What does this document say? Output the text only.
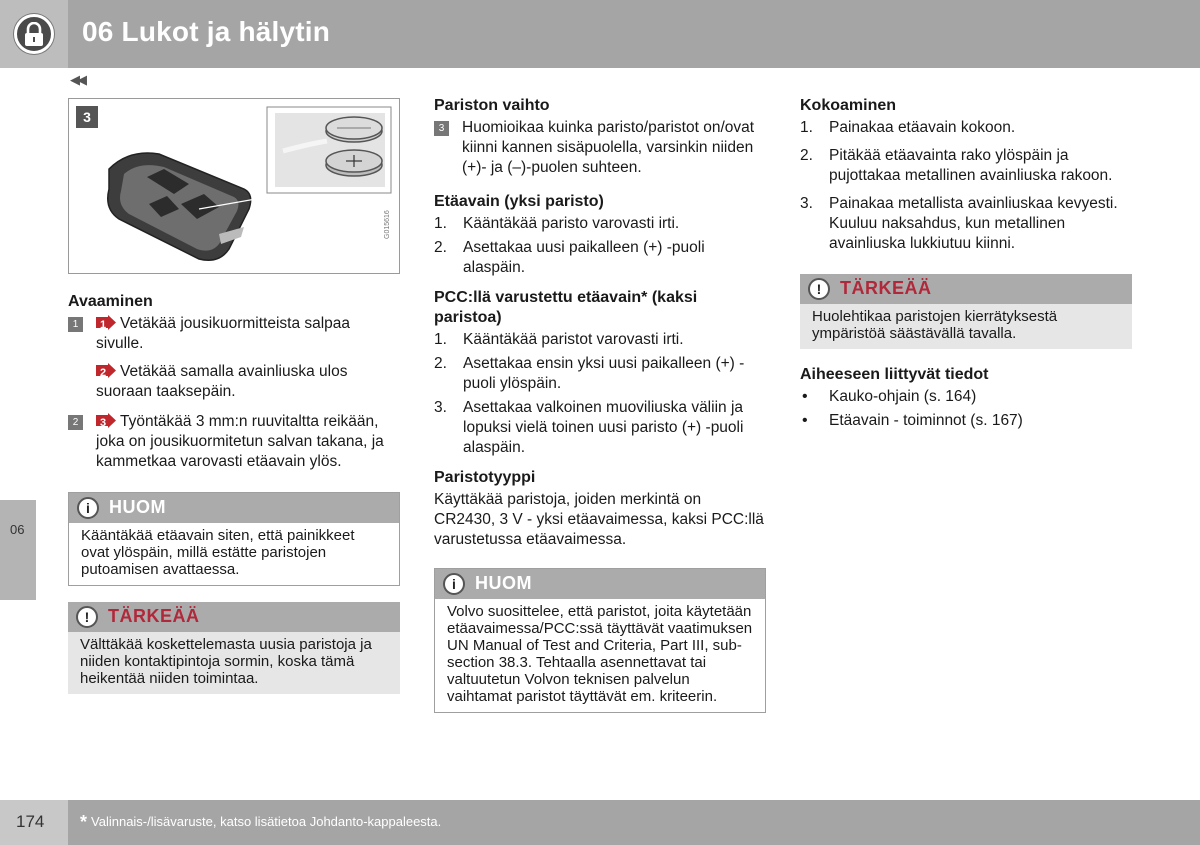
06 Lukot ja hälytin
◀◀
06
3
G015616
Avaaminen
1	1 Vetäkää jousikuormitteista salpaa sivulle.

2 Vetäkää samalla avainliuska ulos suoraan taaksepäin.

2	3 Työntäkää 3 mm:n ruuvitaltta reikään, joka on jousikuormitetun salvan takana, ja kammetkaa varovasti etäavain ylös.

i	HUOM
Kääntäkää etäavain siten, että painikkeet ovat ylöspäin, millä estätte paristojen putoamisen avattaessa.
!	TÄRKEÄÄ
Välttäkää koskettelemasta uusia paristoja ja niiden kontaktipintoja sormin, koska tämä heikentää niiden toimintaa.
Pariston vaihto
3	Huomioikaa kuinka paristo/paristot on/ovat kiinni kannen sisäpuolella, varsinkin niiden (+)- ja (–)-puolen suhteen.

Etäavain (yksi paristo)
1. Kääntäkää paristo varovasti irti.
2. Asettakaa uusi paikalleen (+) -puoli alaspäin.
PCC:llä varustettu etäavain* (kaksi paristoa)
1. Kääntäkää paristot varovasti irti.
2. Asettakaa ensin yksi uusi paikalleen (+) -puoli ylöspäin.
3. Asettakaa valkoinen muoviliuska väliin ja lopuksi vielä toinen uusi paristo (+) -puoli alaspäin.
Paristotyyppi

Käyttäkää paristoja, joiden merkintä on CR2430, 3 V - yksi etäavaimessa, kaksi PCC:llä varustetussa etäavaimessa.

i	HUOM
Volvo suosittelee, että paristot, joita käytetään etäavaimessa/PCC:ssä täyttävät vaatimuksen UN Manual of Test and Criteria, Part III, sub-section 38.3. Tehtaalla asennettavat tai valtuutetun Volvon teknisen palvelun vaihtamat paristot täyttävät em. kriteerin.
Kokoaminen
1. Painakaa etäavain kokoon.
2. Pitäkää etäavainta rako ylöspäin ja pujottakaa metallinen avainliuska rakoon.
3. Painakaa metallista avainliuskaa kevyesti. Kuuluu naksahdus, kun metallinen avainliuska lukkiutuu kiinni.
!	TÄRKEÄÄ
Huolehtikaa paristojen kierrätyksestä ympäristöä säästävällä tavalla.
Aiheeseen liittyvät tiedot
• Kauko-ohjain (s. 164)
• Etäavain - toiminnot (s. 167)
174 * Valinnais-/lisävaruste, katso lisätietoa Johdanto-kappaleesta.
